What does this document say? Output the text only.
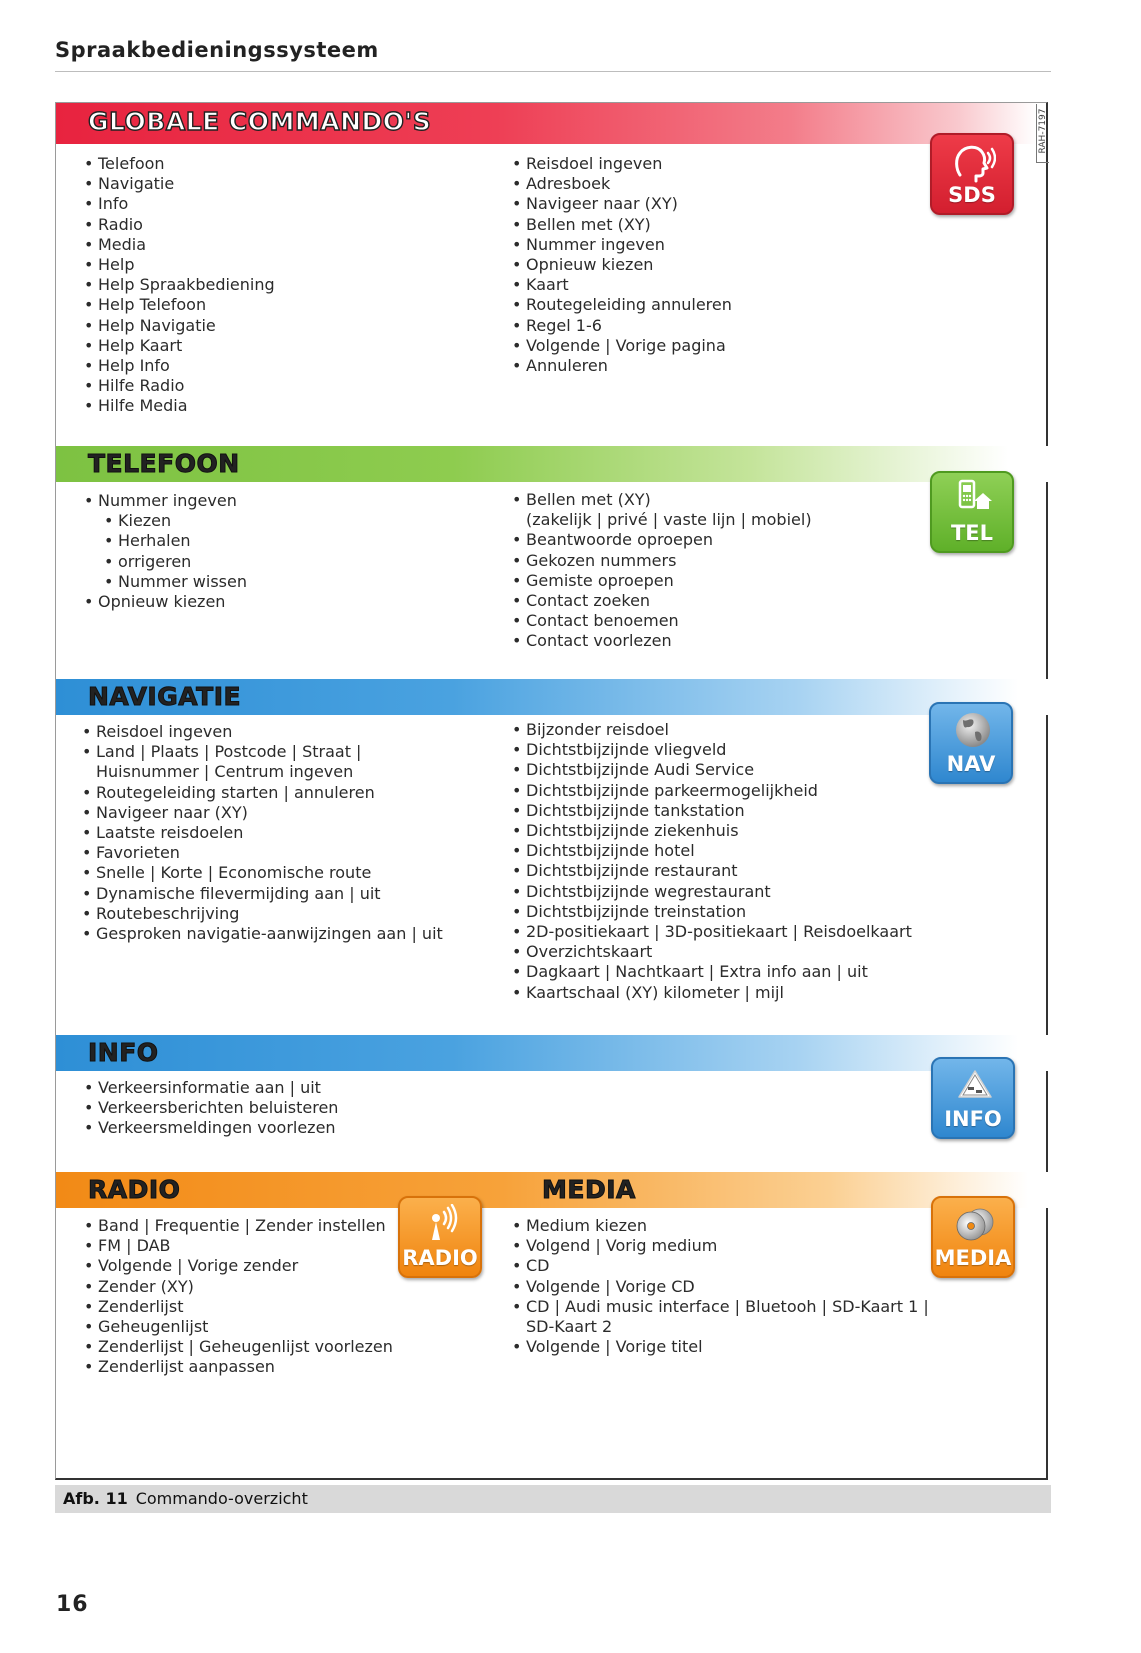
Spraakbedieningssysteem
RAH-7197
GLOBALE COMMANDO'S
• Telefoon
• Navigatie
• Info
• Radio
• Media
• Help
• Help Spraakbediening
• Help Telefoon
• Help Navigatie
• Help Kaart
• Help Info
• Hilfe Radio
• Hilfe Media
• Reisdoel ingeven
• Adresboek
• Navigeer naar (XY)
• Bellen met (XY)
• Nummer ingeven
• Opnieuw kiezen
• Kaart
• Routegeleiding annuleren
• Regel 1-6
• Volgende | Vorige pagina
• Annuleren
SDS
TELEFOON
• Nummer ingeven
• Kiezen
• Herhalen
• orrigeren
• Nummer wissen
• Opnieuw kiezen
• Bellen met (XY)
(zakelijk | privé | vaste lijn | mobiel)
• Beantwoorde oproepen
• Gekozen nummers
• Gemiste oproepen
• Contact zoeken
• Contact benoemen
• Contact voorlezen
TEL
NAVIGATIE
• Reisdoel ingeven
• Land | Plaats | Postcode | Straat |
Huisnummer | Centrum ingeven
• Routegeleiding starten | annuleren
• Navigeer naar (XY)
• Laatste reisdoelen
• Favorieten
• Snelle | Korte | Economische route
• Dynamische filevermijding aan | uit
• Routebeschrijving
• Gesproken navigatie-aanwijzingen aan | uit
• Bijzonder reisdoel
• Dichtstbijzijnde vliegveld
• Dichtstbijzijnde Audi Service
• Dichtstbijzijnde parkeermogelijkheid
• Dichtstbijzijnde tankstation
• Dichtstbijzijnde ziekenhuis
• Dichtstbijzijnde hotel
• Dichtstbijzijnde restaurant
• Dichtstbijzijnde wegrestaurant
• Dichtstbijzijnde treinstation
• 2D-positiekaart | 3D-positiekaart | Reisdoelkaart
• Overzichtskaart
• Dagkaart | Nachtkaart | Extra info aan | uit
• Kaartschaal (XY) kilometer | mijl
NAV
INFO
• Verkeersinformatie aan | uit
• Verkeersberichten beluisteren
• Verkeersmeldingen voorlezen	INFO
RADIO	MEDIA
• Band | Frequentie | Zender instellen
• FM | DAB
• Volgende | Vorige zender
• Zender (XY)
• Zenderlijst
• Geheugenlijst
• Zenderlijst | Geheugenlijst voorlezen
• Zenderlijst aanpassen
RADIO
• Medium kiezen
• Volgend | Vorig medium
• CD
• Volgende | Vorige CD
• CD | Audi music interface | Bluetooh | SD-Kaart 1 |
SD-Kaart 2
• Volgende | Vorige titel
MEDIA
Afb. 11 Commando-overzicht
16
